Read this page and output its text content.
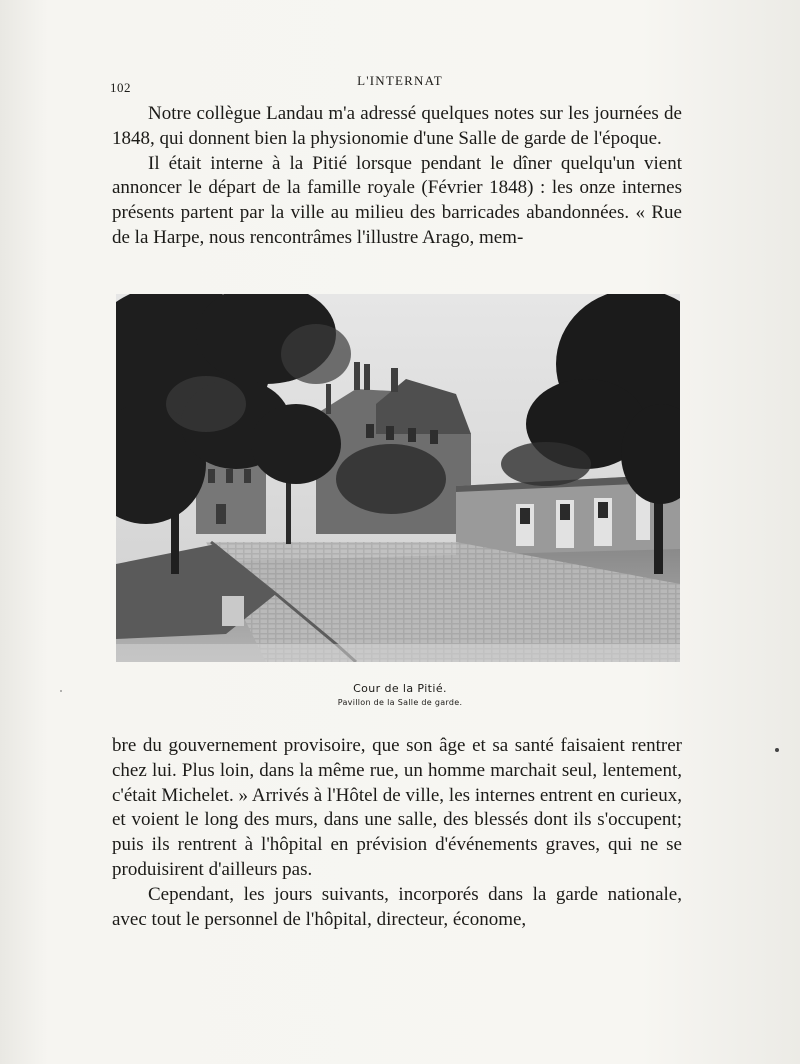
102	L'INTERNAT

Notre collègue Landau m'a adressé quelques notes sur les journées de 1848, qui donnent bien la physionomie d'une Salle de garde de l'époque.

Il était interne à la Pitié lorsque pendant le dîner quelqu'un vient annoncer le départ de la famille royale (Février 1848) : les onze internes présents partent par la ville au milieu des barricades abandonnées. « Rue de la Harpe, nous rencontrâmes l'illustre Arago, mem-

Cour de la Pitié.
Pavillon de la Salle de garde.

bre du gouvernement provisoire, que son âge et sa santé faisaient rentrer chez lui. Plus loin, dans la même rue, un homme marchait seul, lentement, c'était Michelet. » Arrivés à l'Hôtel de ville, les internes entrent en curieux, et voient le long des murs, dans une salle, des blessés dont ils s'occupent; puis ils rentrent à l'hôpital en prévision d'événements graves, qui ne se produisirent d'ailleurs pas.

Cependant, les jours suivants, incorporés dans la garde nationale, avec tout le personnel de l'hôpital, directeur, économe,
